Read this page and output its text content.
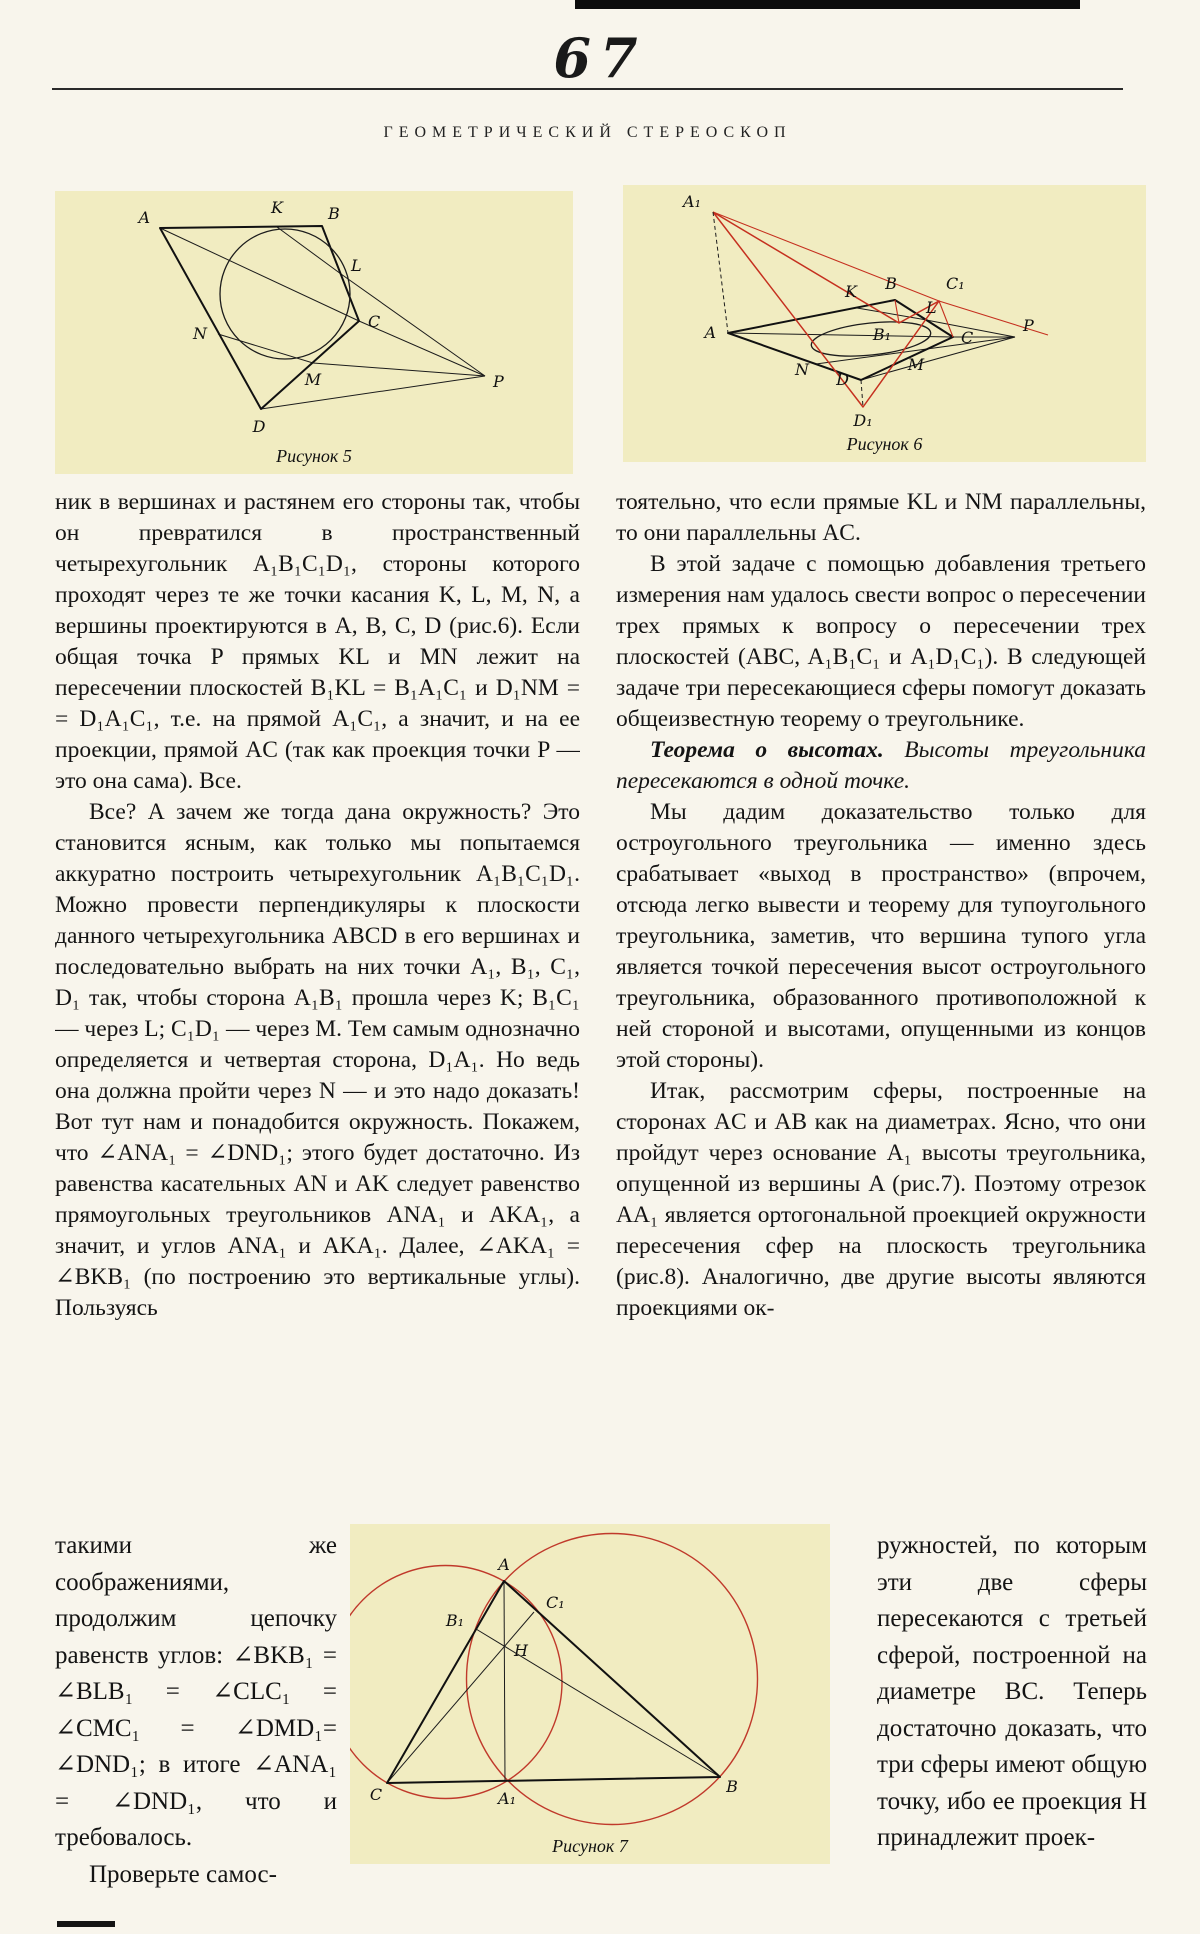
67
ГЕОМЕТРИЧЕСКИЙ СТЕРЕОСКОП
A
K	B
L
C
N
M
D
P
Рисунок 5
A₁
A
K B	C₁
B₁
L
C
N	M
D
D₁
P
Рисунок 6

ник в вершинах и растянем его стороны так, чтобы он превратился в пространственный четырехугольник A₁B₁C₁D₁, стороны которого проходят через те же точки касания K, L, M, N, а вершины проектируются в A, B, C, D (рис.6). Если общая точка P прямых KL и MN лежит на пересечении плоскостей B₁KL = B₁A₁C₁ и D₁NM = = D₁A₁C₁, т.е. на прямой A₁C₁, а значит, и на ее проекции, прямой AC (так как проекция точки P — это она сама). Все.

Все? А зачем же тогда дана окружность? Это становится ясным, как только мы попытаемся аккуратно построить четырехугольник A₁B₁C₁D₁. Можно провести перпендикуляры к плоскости данного четырехугольника ABCD в его вершинах и последовательно выбрать на них точки A₁, B₁, C₁, D₁ так, чтобы сторона A₁B₁ прошла через K; B₁C₁ — через L; C₁D₁ — через M. Тем самым однозначно определяется и четвертая сторона, D₁A₁. Но ведь она должна пройти через N — и это надо доказать! Вот тут нам и понадобится окружность. Покажем, что ∠ANA₁ = ∠DND₁; этого будет достаточно. Из равенства касательных AN и AK следует равенство прямоугольных треугольников ANA₁ и AKA₁, а значит, и углов ANA₁ и AKA₁. Далее, ∠AKA₁ = ∠BKB₁ (по построению это вертикальные углы). Пользуясь

тоятельно, что если прямые KL и NM параллельны, то они параллельны AC.

В этой задаче с помощью добавления третьего измерения нам удалось свести вопрос о пересечении трех прямых к вопросу о пересечении трех плоскостей (ABC, A₁B₁C₁ и A₁D₁C₁). В следующей задаче три пересекающиеся сферы помогут доказать общеизвестную теорему о треугольнике.

Теорема о высотах. Высоты треугольника пересекаются в одной точке.

Мы дадим доказательство только для остроугольного треугольника — именно здесь срабатывает «выход в пространство» (впрочем, отсюда легко вывести и теорему для тупоугольного треугольника, заметив, что вершина тупого угла является точкой пересечения высот остроугольного треугольника, образованного противоположной к ней стороной и высотами, опущенными из концов этой стороны).

Итак, рассмотрим сферы, построенные на сторонах AC и AB как на диаметрах. Ясно, что они пройдут через основание A₁ высоты треугольника, опущенной из вершины A (рис.7). Поэтому отрезок AA₁ является ортогональной проекцией окружности пересечения сфер на плоскость треугольника (рис.8). Аналогично, две другие высоты являются проекциями ок-

такими же соображениями, продолжим цепочку равенств углов: ∠BKB₁ = ∠BLB₁ = ∠CLC₁ = ∠CMC₁ = ∠DMD₁= ∠DND₁; в итоге ∠ANA₁ = ∠DND₁, что и требовалось.

Проверьте самос-

A
C₁
B₁
H
C	A₁
B
Рисунок 7

ружностей, по которым эти две сферы пересекаются с третьей сферой, построенной на диаметре BC. Теперь достаточно доказать, что три сферы имеют общую точку, ибо ее проекция H принадлежит проек-
